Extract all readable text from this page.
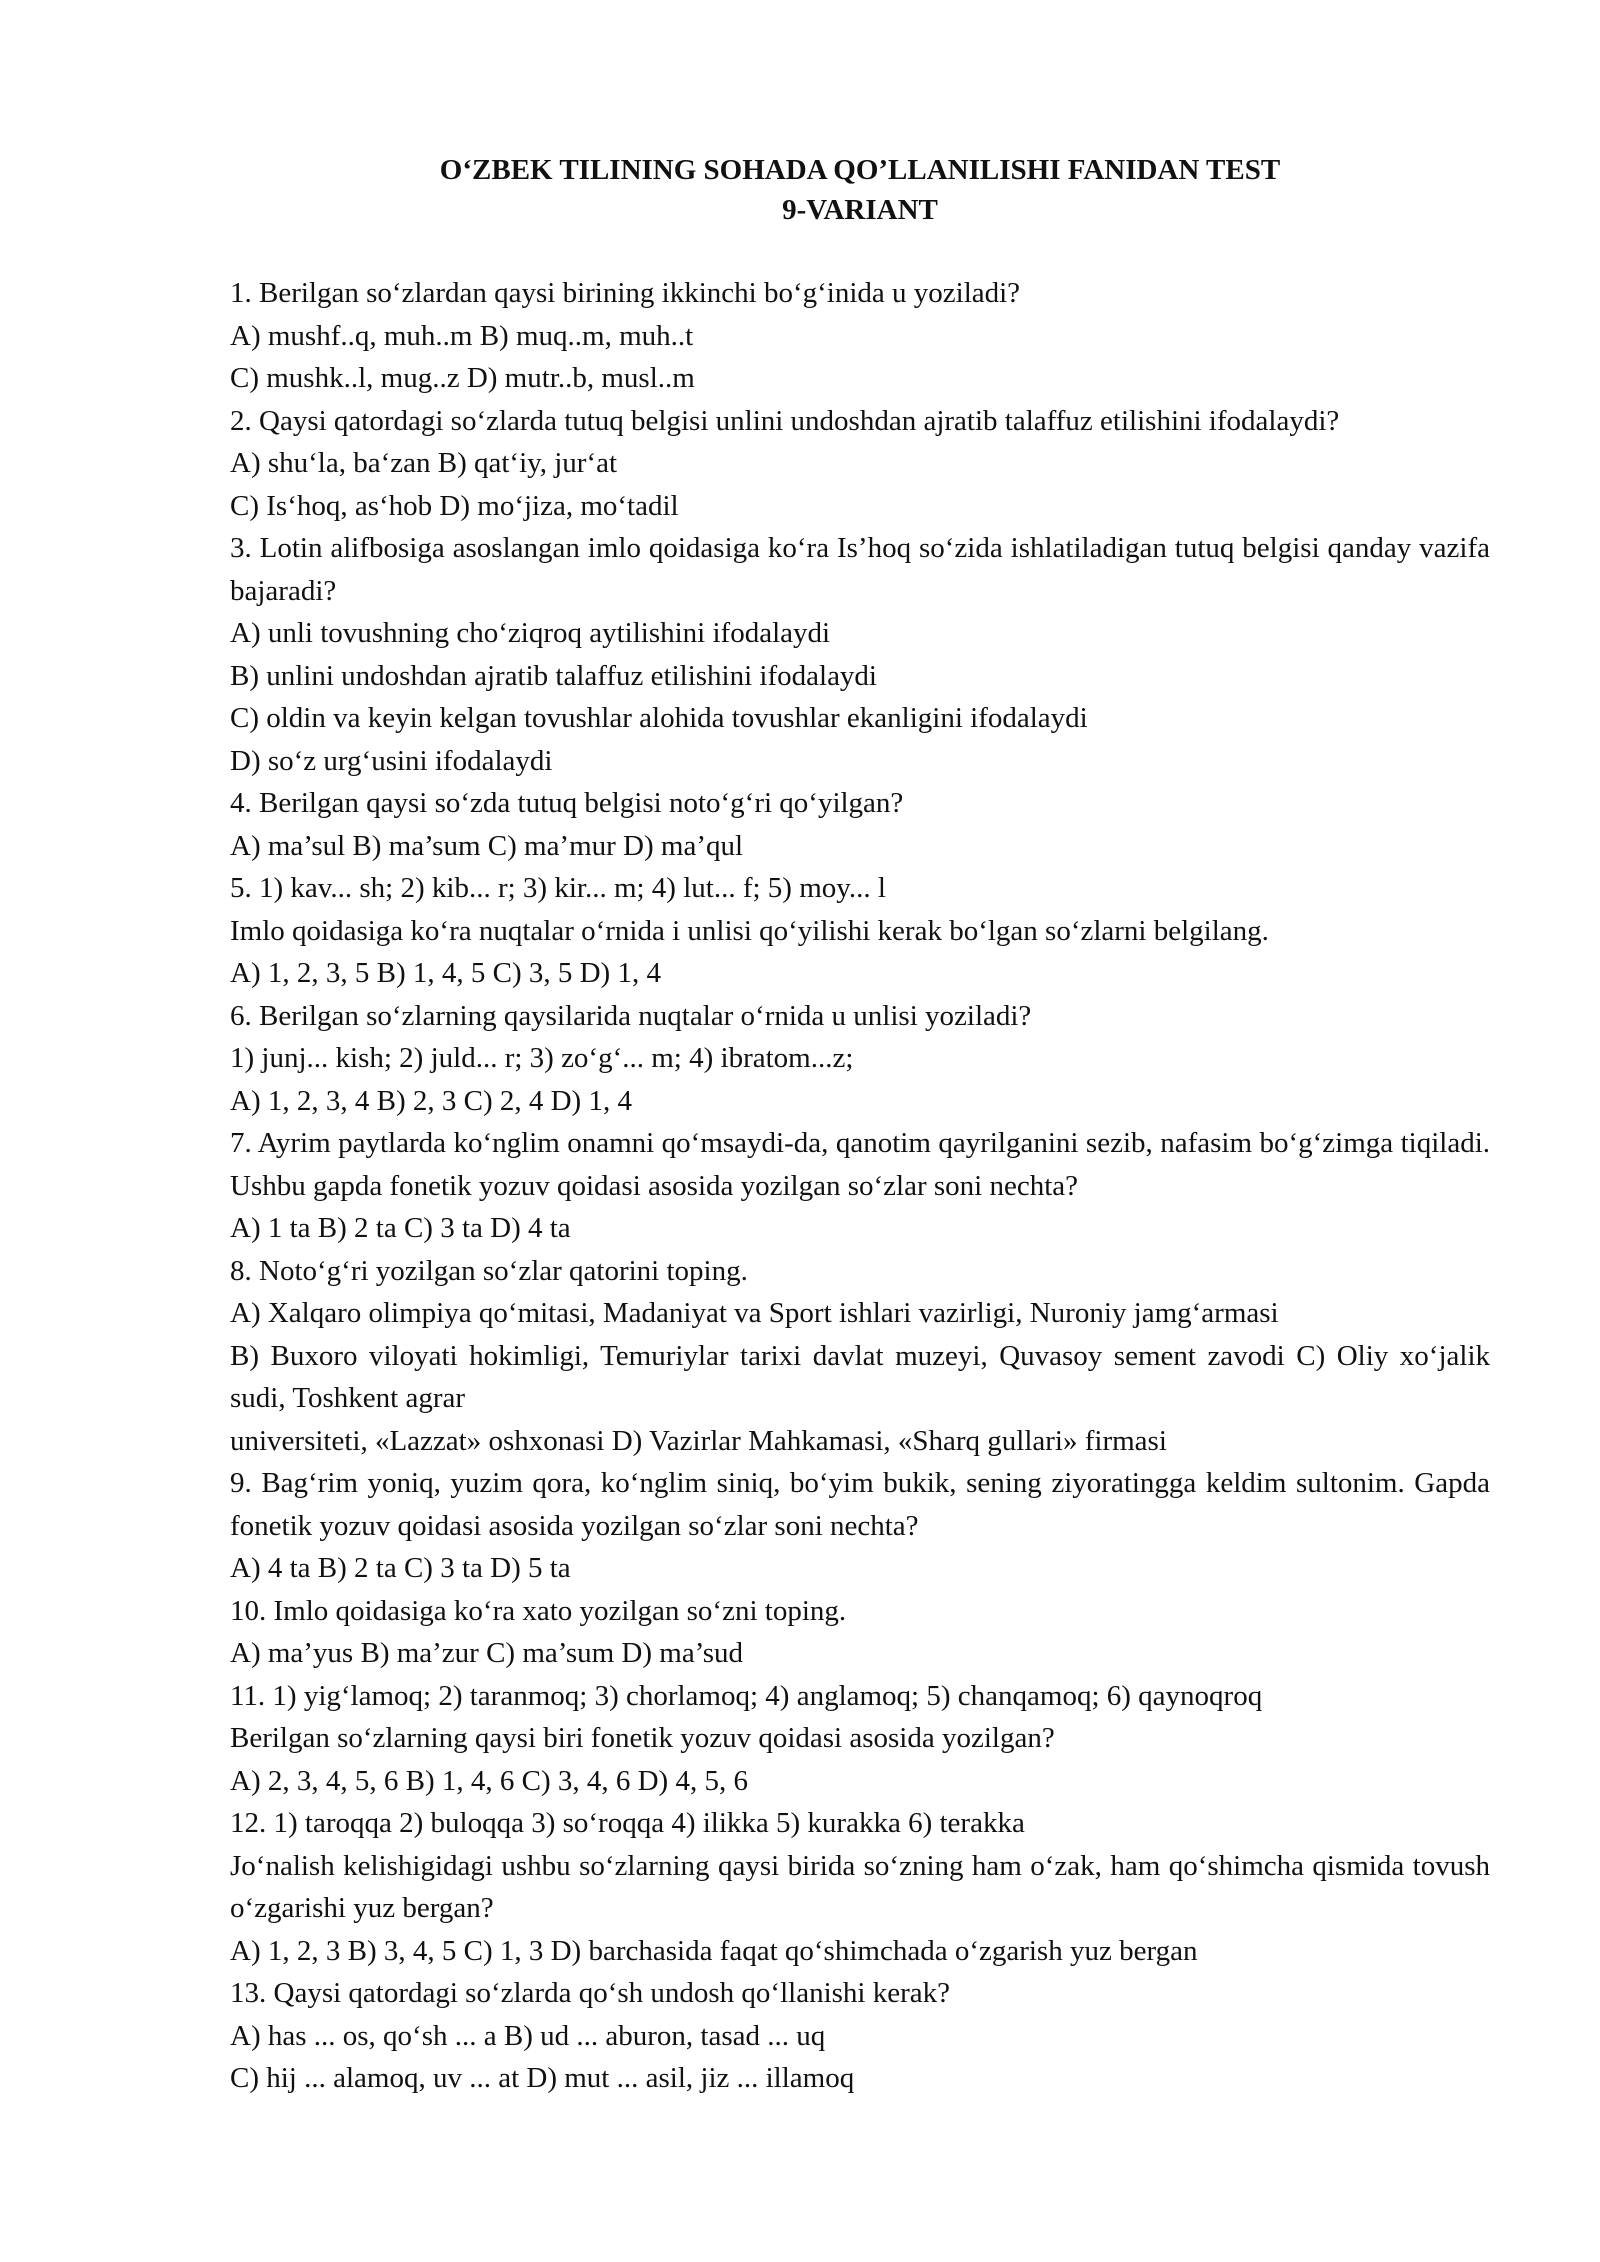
O‘ZBEK TILINING SOHADA QO’LLANILISHI FANIDAN TEST

9-VARIANT

1. Berilgan so‘zlardan qaysi birining ikkinchi bo‘g‘inida u yoziladi?

A) mushf..q, muh..m B) muq..m, muh..t

C) mushk..l, mug..z D) mutr..b, musl..m

2. Qaysi qatordagi so‘zlarda tutuq belgisi unlini undoshdan ajratib talaffuz etilishini ifodalaydi?

A) shu‘la, ba‘zan B) qat‘iy, jur‘at

C) Is‘hoq, as‘hob D) mo‘jiza, mo‘tadil

3. Lotin alifbosiga asoslangan imlo qoidasiga ko‘ra Is’hoq so‘zida ishlatiladigan tutuq belgisi qanday vazifa bajaradi?

A) unli tovushning cho‘ziqroq aytilishini ifodalaydi

B) unlini undoshdan ajratib talaffuz etilishini ifodalaydi

C) oldin va keyin kelgan tovushlar alohida tovushlar ekanligini ifodalaydi

D) so‘z urg‘usini ifodalaydi

4. Berilgan qaysi so‘zda tutuq belgisi noto‘g‘ri qo‘yilgan?

A) ma’sul B) ma’sum C) ma’mur D) ma’qul

5. 1) kav... sh; 2) kib... r; 3) kir... m; 4) lut... f; 5) moy... l

Imlo qoidasiga ko‘ra nuqtalar o‘rnida i unlisi qo‘yilishi kerak bo‘lgan so‘zlarni belgilang.

A) 1, 2, 3, 5 B) 1, 4, 5 C) 3, 5 D) 1, 4

6. Berilgan so‘zlarning qaysilarida nuqtalar o‘rnida u unlisi yoziladi?

1) junj... kish; 2) juld... r; 3) zo‘g‘... m; 4) ibratom...z;

A) 1, 2, 3, 4 B) 2, 3 C) 2, 4 D) 1, 4

7. Ayrim paytlarda ko‘nglim onamni qo‘msaydi-da, qanotim qayrilganini sezib, nafasim bo‘g‘zimga tiqiladi. Ushbu gapda fonetik yozuv qoidasi asosida yozilgan so‘zlar soni nechta?

A) 1 ta B) 2 ta C) 3 ta D) 4 ta

8. Noto‘g‘ri yozilgan so‘zlar qatorini toping.

A) Xalqaro olimpiya qo‘mitasi, Madaniyat va Sport ishlari vazirligi, Nuroniy jamg‘armasi

B) Buxoro viloyati hokimligi, Temuriylar tarixi davlat muzeyi, Quvasoy sement zavodi C) Oliy xo‘jalik sudi, Toshkent agrar

universiteti, «Lazzat» oshxonasi D) Vazirlar Mahkamasi, «Sharq gullari» firmasi

9. Bag‘rim yoniq, yuzim qora, ko‘nglim siniq, bo‘yim bukik, sening ziyoratingga keldim sultonim. Gapda fonetik yozuv qoidasi asosida yozilgan so‘zlar soni nechta?

A) 4 ta B) 2 ta C) 3 ta D) 5 ta

10. Imlo qoidasiga ko‘ra xato yozilgan so‘zni toping.

A) ma’yus B) ma’zur C) ma’sum D) ma’sud

11. 1) yig‘lamoq; 2) taranmoq; 3) chorlamoq; 4) anglamoq; 5) chanqamoq; 6) qaynoqroq

Berilgan so‘zlarning qaysi biri fonetik yozuv qoidasi asosida yozilgan?

A) 2, 3, 4, 5, 6 B) 1, 4, 6 C) 3, 4, 6 D) 4, 5, 6

12. 1) taroqqa 2) buloqqa 3) so‘roqqa 4) ilikka 5) kurakka 6) terakka

Jo‘nalish kelishigidagi ushbu so‘zlarning qaysi birida so‘zning ham o‘zak, ham qo‘shimcha qismida tovush o‘zgarishi yuz bergan?

A) 1, 2, 3 B) 3, 4, 5 C) 1, 3 D) barchasida faqat qo‘shimchada o‘zgarish yuz bergan

13. Qaysi qatordagi so‘zlarda qo‘sh undosh qo‘llanishi kerak?

A) has ... os, qo‘sh ... a B) ud ... aburon, tasad ... uq

C) hij ... alamoq, uv ... at D) mut ... asil, jiz ... illamoq
